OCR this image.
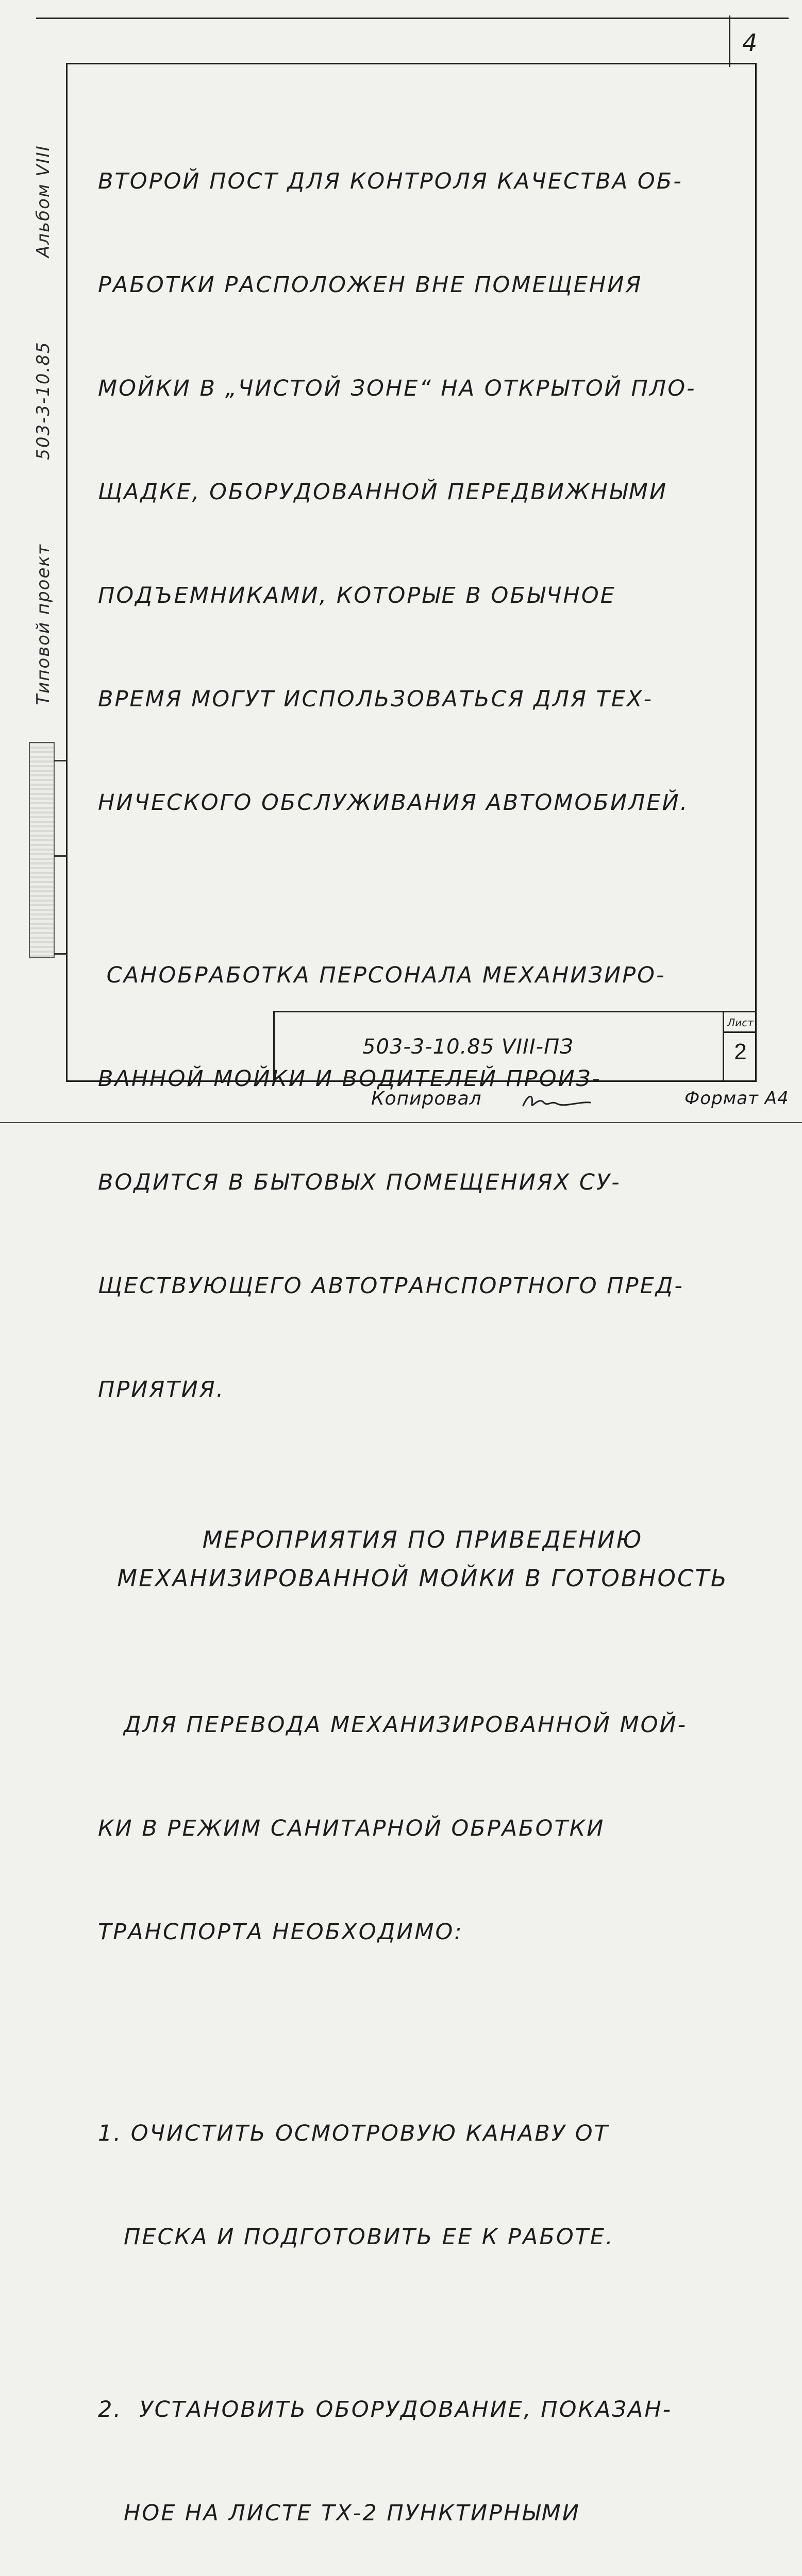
4
Типовой проект
503-3-10.85
Альбом VIII

ВТОРОЙ ПОСТ ДЛЯ КОНТРОЛЯ КАЧЕСТВА ОБ-

РАБОТКИ РАСПОЛОЖЕН ВНЕ ПОМЕЩЕНИЯ

МОЙКИ В „ЧИСТОЙ ЗОНЕ“ НА ОТКРЫТОЙ ПЛО-

ЩАДКЕ, ОБОРУДОВАННОЙ ПЕРЕДВИЖНЫМИ

ПОДЪЕМНИКАМИ, КОТОРЫЕ В ОБЫЧНОЕ

ВРЕМЯ МОГУТ ИСПОЛЬЗОВАТЬСЯ ДЛЯ ТЕХ-

НИЧЕСКОГО ОБСЛУЖИВАНИЯ АВТОМОБИЛЕЙ.

САНОБРАБОТКА ПЕРСОНАЛА МЕХАНИЗИРО-

ВАННОЙ МОЙКИ И ВОДИТЕЛЕЙ ПРОИЗ-

ВОДИТСЯ В БЫТОВЫХ ПОМЕЩЕНИЯХ СУ-

ЩЕСТВУЮЩЕГО АВТОТРАНСПОРТНОГО ПРЕД-

ПРИЯТИЯ.

МЕРОПРИЯТИЯ ПО ПРИВЕДЕНИЮ
МЕХАНИЗИРОВАННОЙ МОЙКИ В ГОТОВНОСТЬ

ДЛЯ ПЕРЕВОДА МЕХАНИЗИРОВАННОЙ МОЙ-

КИ В РЕЖИМ САНИТАРНОЙ ОБРАБОТКИ

ТРАНСПОРТА НЕОБХОДИМО:

1. ОЧИСТИТЬ ОСМОТРОВУЮ КАНАВУ ОТ

ПЕСКА И ПОДГОТОВИТЬ ЕЕ К РАБОТЕ.

2.  УСТАНОВИТЬ ОБОРУДОВАНИЕ, ПОКАЗАН-

НОЕ НА ЛИСТЕ ТХ-2 ПУНКТИРНЫМИ

503-3-10.85 VIII-ПЗ
Лист
2
Копировал	Формат А4
